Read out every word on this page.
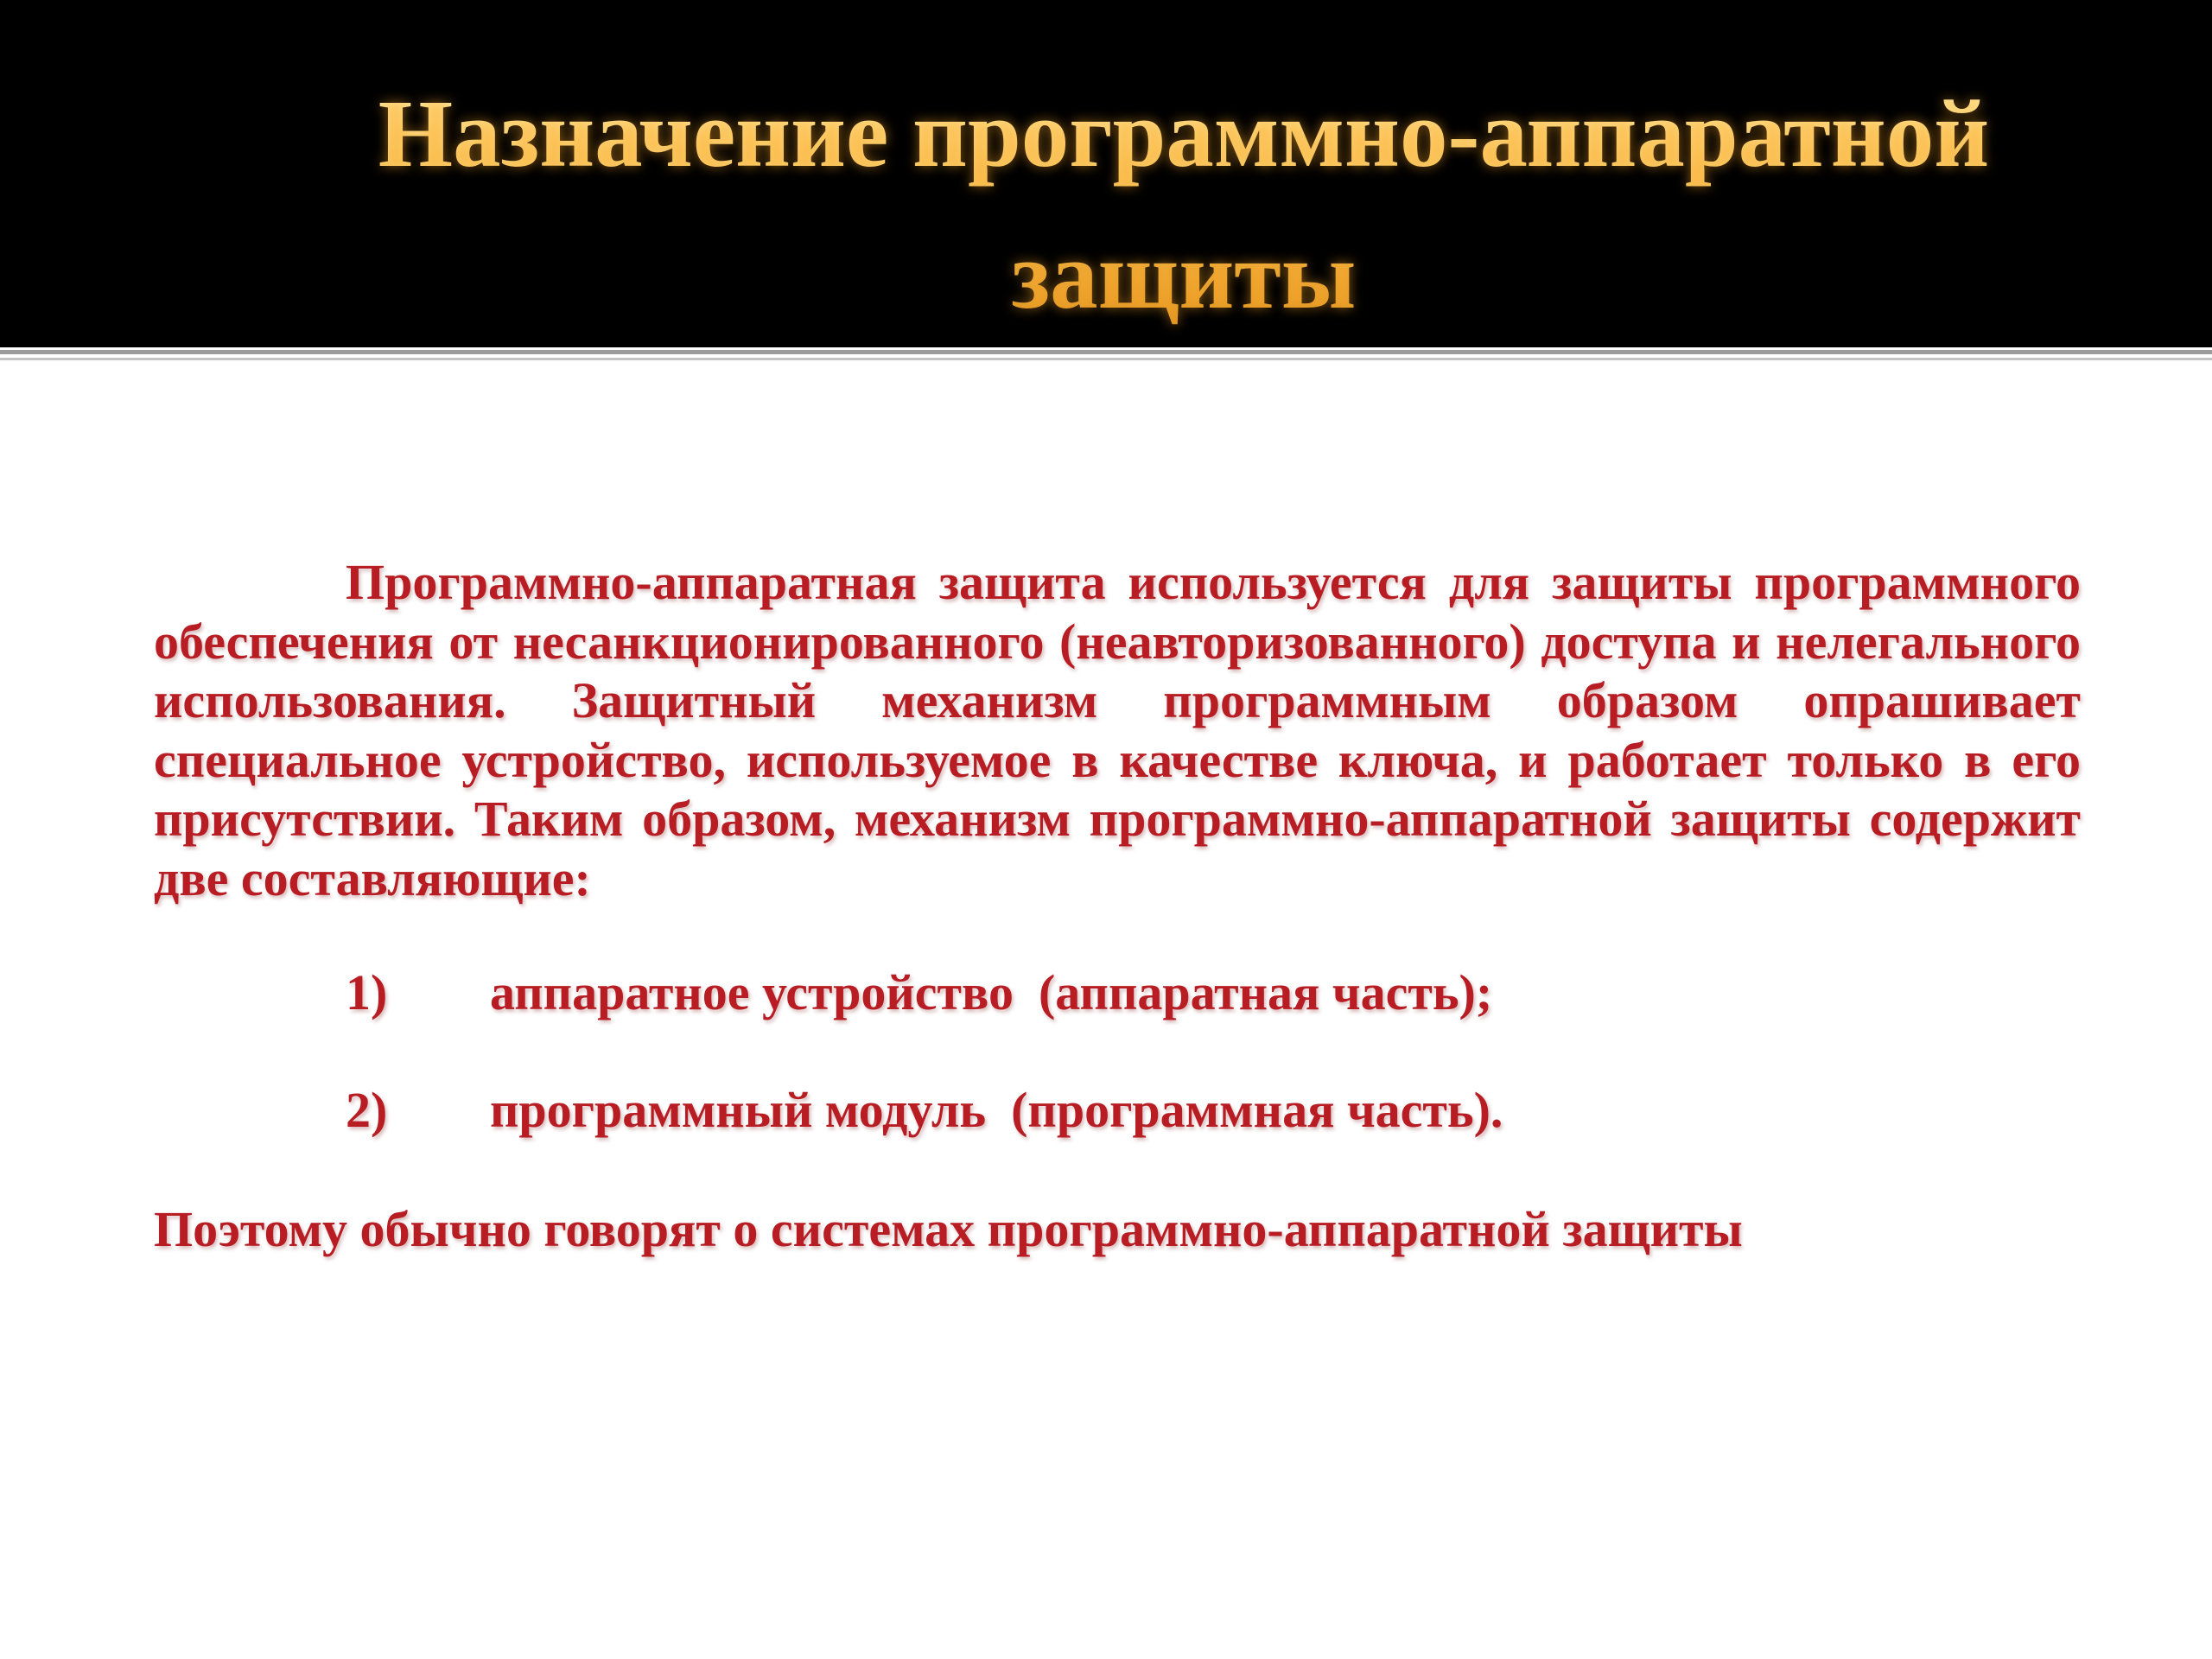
Назначение программно-аппаратной
защиты

Программно-аппаратная защита используется для защиты программного обеспечения от несанкционированного (неавторизованного) доступа и нелегального использования. Защитный механизм программным образом опрашивает специальное устройство, используемое в качестве ключа, и работает только в его присутствии. Таким образом, механизм программно-аппаратной защиты содержит две составляющие:

1) аппаратное устройство  (аппаратная часть);
2) программный модуль  (программная часть).

Поэтому обычно говорят о системах программно-аппаратной защиты
